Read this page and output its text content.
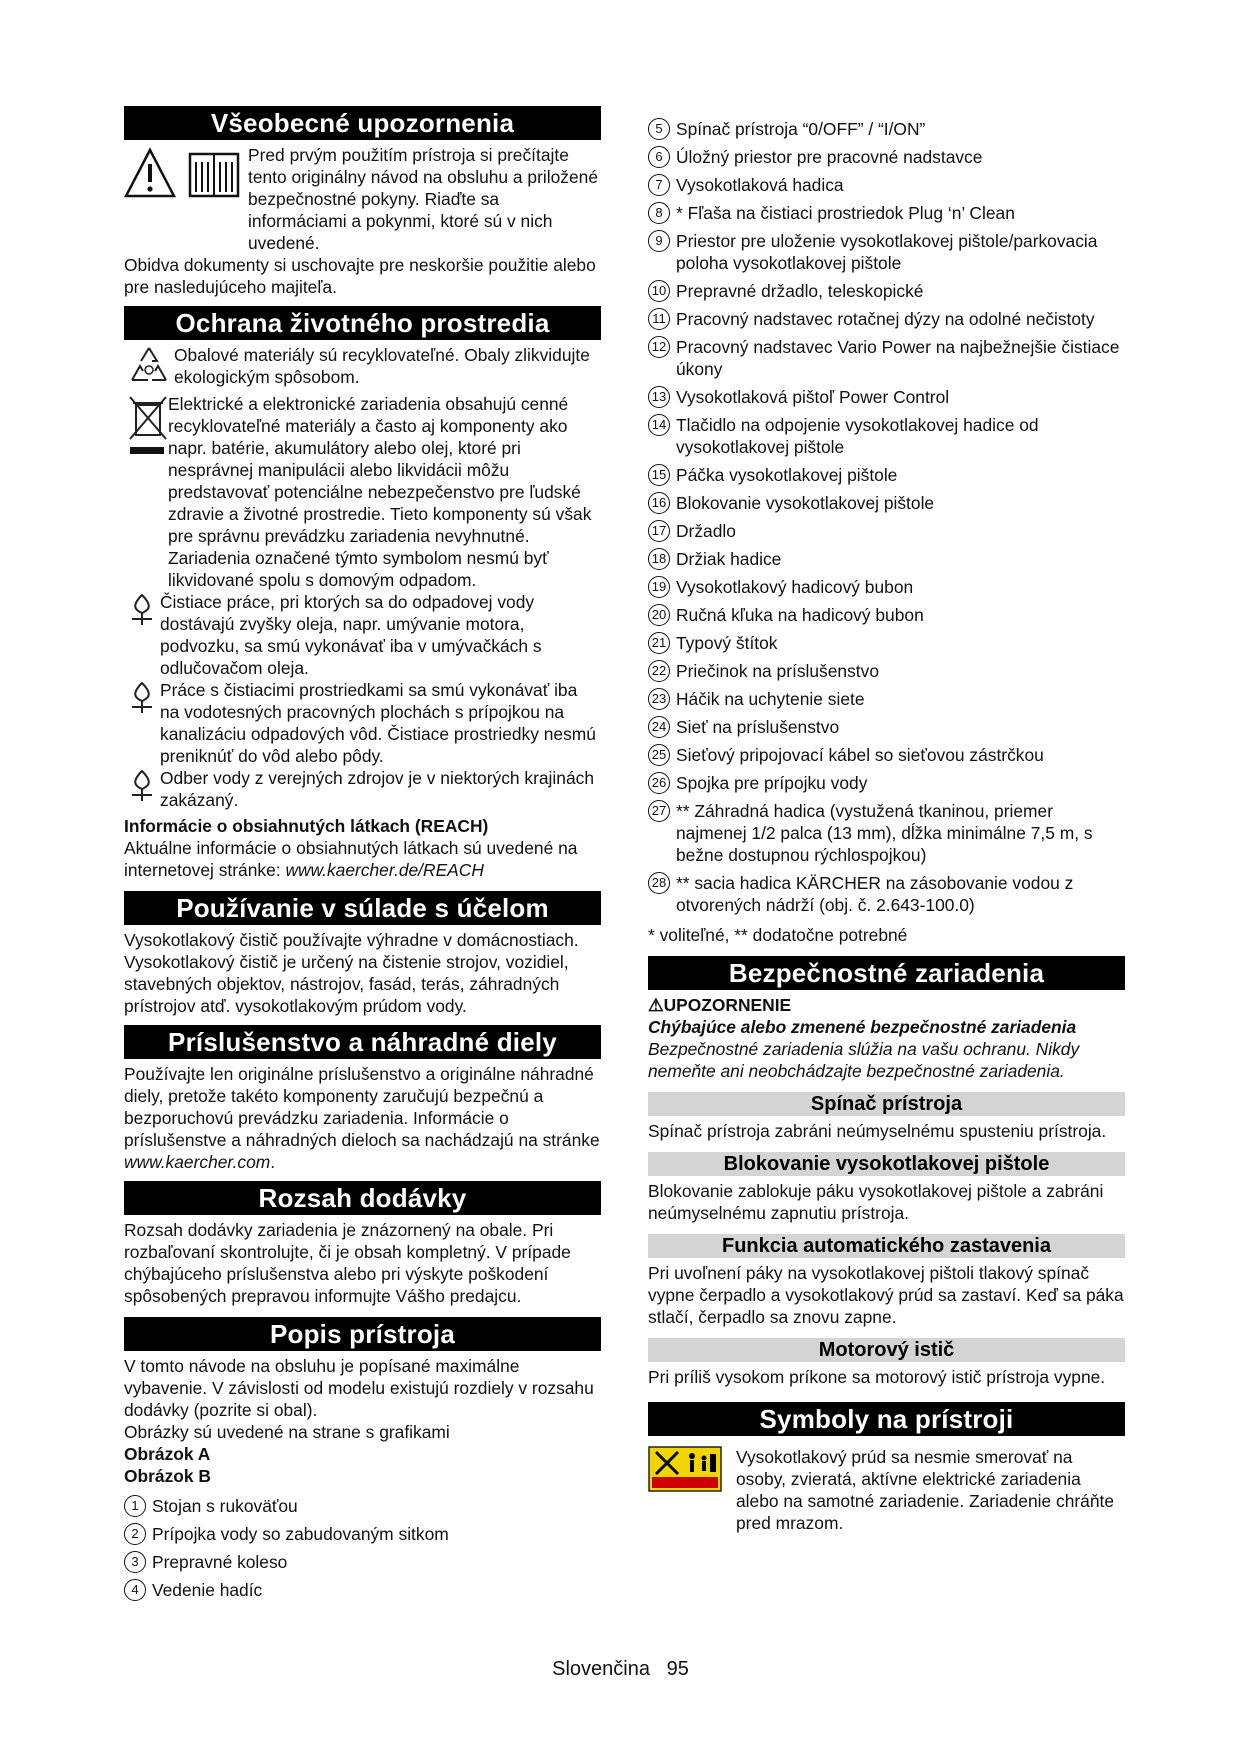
Všeobecné upozornenia

Pred prvým použitím prístroja si prečítajte tento originálny návod na obsluhu a priložené bezpečnostné pokyny. Riaďte sa informáciami a pokynmi, ktoré sú v nich uvedené.

Obidva dokumenty si uschovajte pre neskoršie použitie alebo pre nasledujúceho majiteľa.

Ochrana životného prostredia

Obalové materiály sú recyklovateľné. Obaly zlikvidujte ekologickým spôsobom.

Elektrické a elektronické zariadenia obsahujú cenné recyklovateľné materiály a často aj komponenty ako napr. batérie, akumulátory alebo olej, ktoré pri nesprávnej manipulácii alebo likvidácii môžu predstavovať potenciálne nebezpečenstvo pre ľudské zdravie a životné prostredie. Tieto komponenty sú však pre správnu prevádzku zariadenia nevyhnutné. Zariadenia označené týmto symbolom nesmú byť likvidované spolu s domovým odpadom.

Čistiace práce, pri ktorých sa do odpadovej vody dostávajú zvyšky oleja, napr. umývanie motora, podvozku, sa smú vykonávať iba v umývačkách s odlučovačom oleja.

Práce s čistiacimi prostriedkami sa smú vykonávať iba na vodotesných pracovných plochách s prípojkou na kanalizáciu odpadových vôd. Čistiace prostriedky nesmú preniknúť do vôd alebo pôdy.

Odber vody z verejných zdrojov je v niektorých krajinách zakázaný.

Informácie o obsiahnutých látkach (REACH)

Aktuálne informácie o obsiahnutých látkach sú uvedené na internetovej stránke: www.kaercher.de/REACH

Používanie v súlade s účelom

Vysokotlakový čistič používajte výhradne v domácnostiach.

Vysokotlakový čistič je určený na čistenie strojov, vozidiel, stavebných objektov, nástrojov, fasád, terás, záhradných prístrojov atď. vysokotlakovým prúdom vody.

Príslušenstvo a náhradné diely

Používajte len originálne príslušenstvo a originálne náhradné diely, pretože takéto komponenty zaručujú bezpečnú a bezporuchovú prevádzku zariadenia. Informácie o príslušenstve a náhradných dieloch sa nachádzajú na stránke www.kaercher.com.

Rozsah dodávky

Rozsah dodávky zariadenia je znázornený na obale. Pri rozbaľovaní skontrolujte, či je obsah kompletný. V prípade chýbajúceho príslušenstva alebo pri výskyte poškodení spôsobených prepravou informujte Vášho predajcu.

Popis prístroja

V tomto návode na obsluhu je popísané maximálne vybavenie. V závislosti od modelu existujú rozdiely v rozsahu dodávky (pozrite si obal).

Obrázky sú uvedené na strane s grafikami

Obrázok A

Obrázok B

1 Stojan s rukoväťou
2 Prípojka vody so zabudovaným sitkom
3 Prepravné koleso
4 Vedenie hadíc
5 Spínač prístroja “0/OFF” / “I/ON”
6 Úložný priestor pre pracovné nadstavce
7 Vysokotlaková hadica
8 * Fľaša na čistiaci prostriedok Plug ‘n’ Clean
9 Priestor pre uloženie vysokotlakovej pištole/parkovacia poloha vysokotlakovej pištole
10 Prepravné držadlo, teleskopické
11 Pracovný nadstavec rotačnej dýzy na odolné nečistoty
12 Pracovný nadstavec Vario Power na najbežnejšie čistiace úkony
13 Vysokotlaková pištoľ Power Control
14 Tlačidlo na odpojenie vysokotlakovej hadice od vysokotlakovej pištole
15 Páčka vysokotlakovej pištole
16 Blokovanie vysokotlakovej pištole
17 Držadlo
18 Držiak hadice
19 Vysokotlakový hadicový bubon
20 Ručná kľuka na hadicový bubon
21 Typový štítok
22 Priečinok na príslušenstvo
23 Háčik na uchytenie siete
24 Sieť na príslušenstvo
25 Sieťový pripojovací kábel so sieťovou zástrčkou
26 Spojka pre prípojku vody
27 ** Záhradná hadica (vystužená tkaninou, priemer najmenej 1/2 palca (13 mm), dĺžka minimálne 7,5 m, s bežne dostupnou rýchlospojkou)
28 ** sacia hadica KÄRCHER na zásobovanie vodou z otvorených nádrží (obj. č. 2.643-100.0)

* voliteľné, ** dodatočne potrebné

Bezpečnostné zariadenia

⚠UPOZORNENIE

Chýbajúce alebo zmenené bezpečnostné zariadenia

Bezpečnostné zariadenia slúžia na vašu ochranu. Nikdy nemeňte ani neobchádzajte bezpečnostné zariadenia.

Spínač prístroja

Spínač prístroja zabráni neúmyselnému spusteniu prístroja.

Blokovanie vysokotlakovej pištole

Blokovanie zablokuje páku vysokotlakovej pištole a zabráni neúmyselnému zapnutiu prístroja.

Funkcia automatického zastavenia

Pri uvoľnení páky na vysokotlakovej pištoli tlakový spínač vypne čerpadlo a vysokotlakový prúd sa zastaví. Keď sa páka stlačí, čerpadlo sa znovu zapne.

Motorový istič

Pri príliš vysokom príkone sa motorový istič prístroja vypne.

Symboly na prístroji

Vysokotlakový prúd sa nesmie smerovať na osoby, zvieratá, aktívne elektrické zariadenia alebo na samotné zariadenie. Zariadenie chráňte pred mrazom.

Slovenčina 95
